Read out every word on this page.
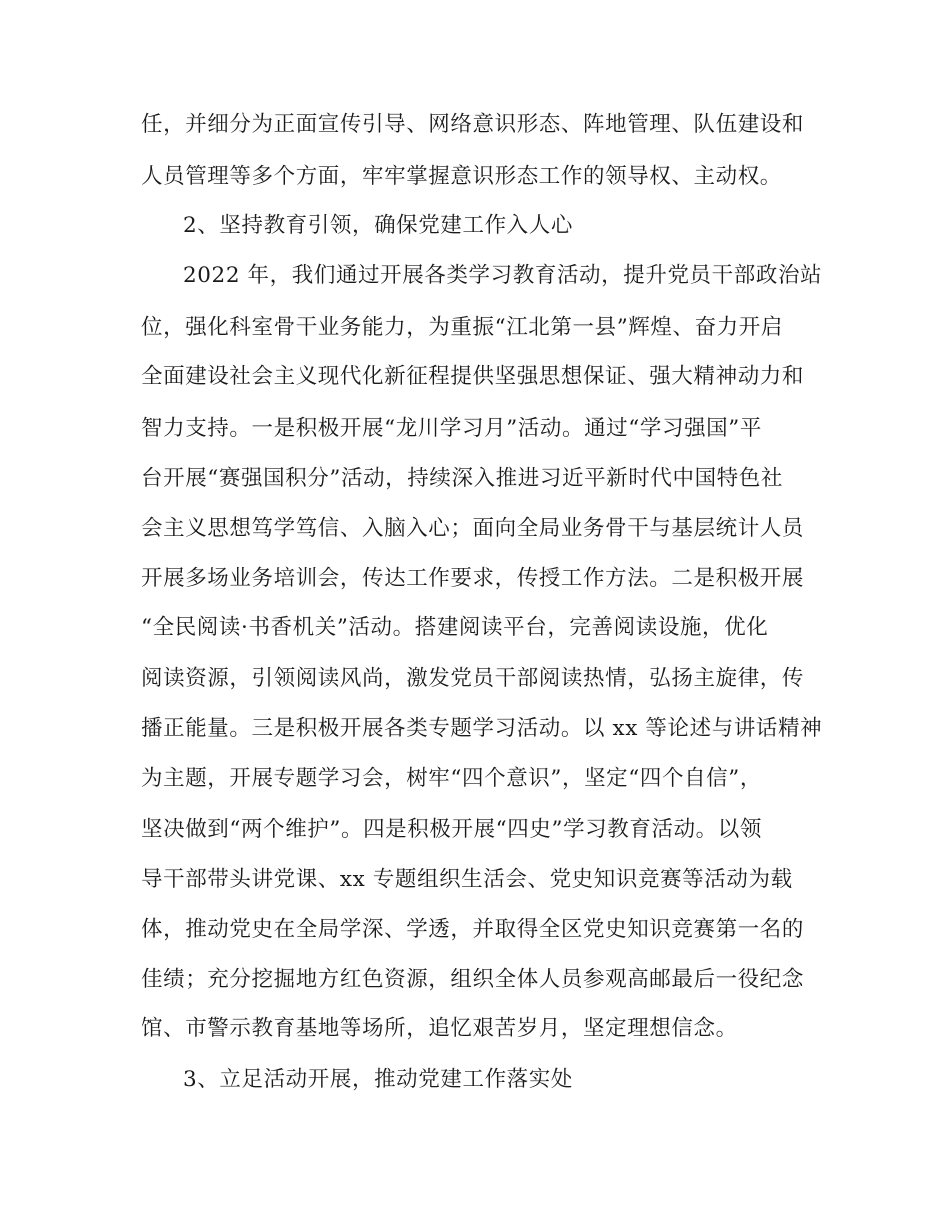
任，并细分为正面宣传引导、网络意识形态、阵地管理、队伍建设和
人员管理等多个方面，牢牢掌握意识形态工作的领导权、主动权。
2、坚持教育引领，确保党建工作入人心
2022 年，我们通过开展各类学习教育活动，提升党员干部政治站
位，强化科室骨干业务能力，为重振“江北第一县”辉煌、奋力开启
全面建设社会主义现代化新征程提供坚强思想保证、强大精神动力和
智力支持。一是积极开展“龙川学习月”活动。通过“学习强国”平
台开展“赛强国积分”活动，持续深入推进习近平新时代中国特色社
会主义思想笃学笃信、入脑入心；面向全局业务骨干与基层统计人员
开展多场业务培训会，传达工作要求，传授工作方法。二是积极开展
“全民阅读·书香机关”活动。搭建阅读平台，完善阅读设施，优化
阅读资源，引领阅读风尚，激发党员干部阅读热情，弘扬主旋律，传
播正能量。三是积极开展各类专题学习活动。以 xx 等论述与讲话精神
为主题，开展专题学习会，树牢“四个意识”，坚定“四个自信”，
坚决做到“两个维护”。四是积极开展“四史”学习教育活动。以领
导干部带头讲党课、xx 专题组织生活会、党史知识竞赛等活动为载
体，推动党史在全局学深、学透，并取得全区党史知识竞赛第一名的
佳绩；充分挖掘地方红色资源，组织全体人员参观高邮最后一役纪念
馆、市警示教育基地等场所，追忆艰苦岁月，坚定理想信念。
3、立足活动开展，推动党建工作落实处
